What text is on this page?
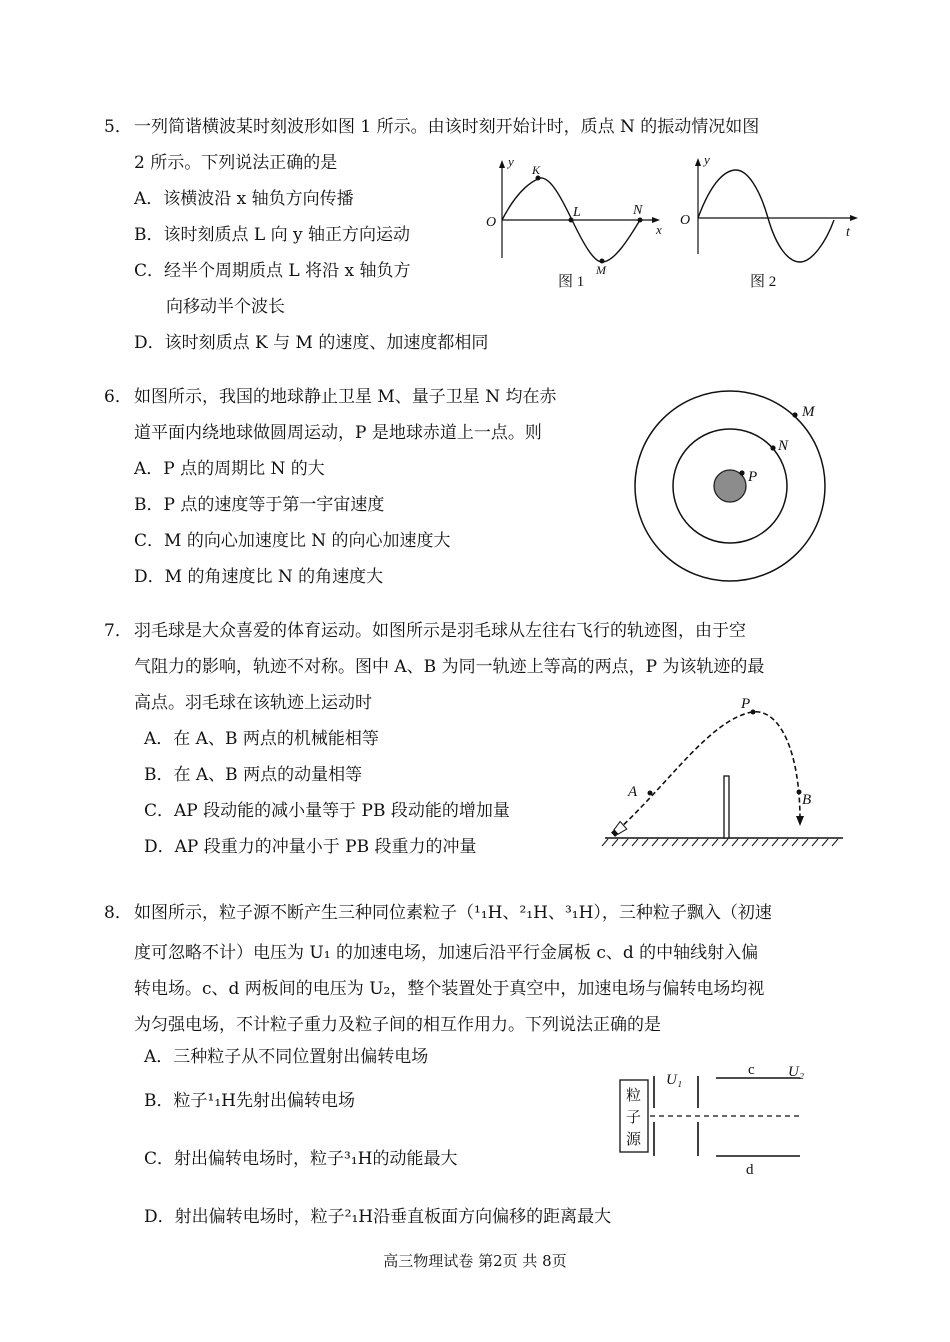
5． 一列简谐横波某时刻波形如图 1 所示。由该时刻开始计时，质点 N 的振动情况如图
2 所示。下列说法正确的是
A．该横波沿 x 轴负方向传播
B．该时刻质点 L 向 y 轴正方向运动
C．经半个周期质点 L 将沿 x 轴负方
向移动半个波长
D．该时刻质点 K 与 M 的速度、加速度都相同
y
x
O
K
L	N
M
图 1
y
t
O
图 2
6． 如图所示，我国的地球静止卫星 M、量子卫星 N 均在赤
道平面内绕地球做圆周运动，P 是地球赤道上一点。则
A．P 点的周期比 N 的大
B．P 点的速度等于第一宇宙速度
C．M 的向心加速度比 N 的向心加速度大
D．M 的角速度比 N 的角速度大
M
N
P
7． 羽毛球是大众喜爱的体育运动。如图所示是羽毛球从左往右飞行的轨迹图，由于空
气阻力的影响，轨迹不对称。图中 A、B 为同一轨迹上等高的两点，P 为该轨迹的最
高点。羽毛球在该轨迹上运动时
A．在 A、B 两点的机械能相等
B．在 A、B 两点的动量相等
C．AP 段动能的减小量等于 PB 段动能的增加量
D．AP 段重力的冲量小于 PB 段重力的冲量
A
P
B
8． 如图所示，粒子源不断产生三种同位素粒子（¹₁H、²₁H、³₁H），三种粒子飘入（初速
度可忽略不计）电压为 U₁ 的加速电场，加速后沿平行金属板 c、d 的中轴线射入偏
转电场。c、d 两板间的电压为 U₂，整个装置处于真空中，加速电场与偏转电场均视
为匀强电场，不计粒子重力及粒子间的相互作用力。下列说法正确的是
A．三种粒子从不同位置射出偏转电场
B．粒子¹₁H先射出偏转电场
C．射出偏转电场时，粒子³₁H的动能最大
D．射出偏转电场时，粒子²₁H沿垂直板面方向偏移的距离最大
粒
子
源
U₁
c U₂
d
高三物理试卷 第2页 共 8页
